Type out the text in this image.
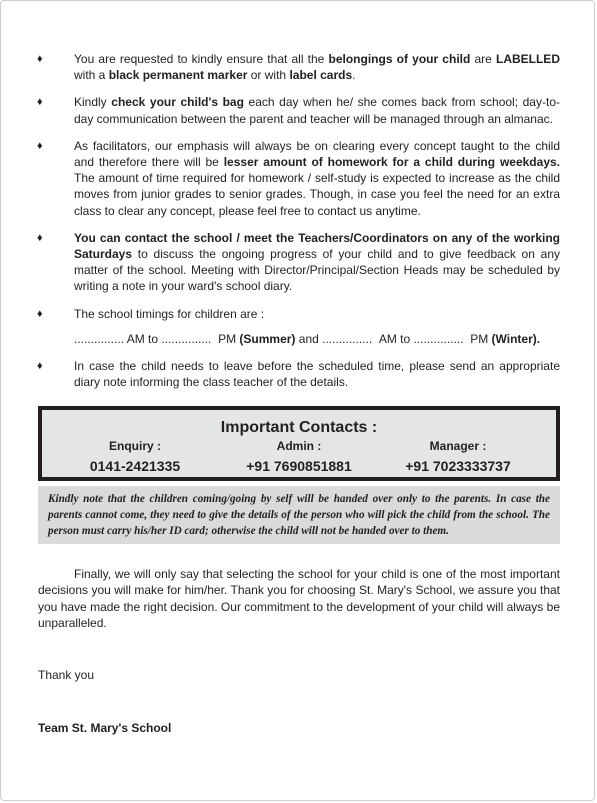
♦	You are requested to kindly ensure that all the belongings of your child are LABELLED with a black permanent marker or with label cards.
♦	Kindly check your child's bag each day when he/ she comes back from school; day-to-day communication between the parent and teacher will be managed through an almanac.
♦	As facilitators, our emphasis will always be on clearing every concept taught to the child and therefore there will be lesser amount of homework for a child during weekdays. The amount of time required for homework / self-study is expected to increase as the child moves from junior grades to senior grades. Though, in case you feel the need for an extra class to clear any concept, please feel free to contact us anytime.
♦	You can contact the school / meet the Teachers/Coordinators on any of the working Saturdays to discuss the ongoing progress of your child and to give feedback on any matter of the school. Meeting with Director/Principal/Section Heads may be scheduled by writing a note in your ward's school diary.
♦	The school timings for children are :
............... AM to ............... PM (Summer) and ............... AM to ............... PM (Winter).
♦	In case the child needs to leave before the scheduled time, please send an appropriate diary note informing the class teacher of the details.
Important Contacts :
Enquiry :
0141-2421335
Admin :
+91 7690851881
Manager :
+91 7023333737
Kindly note that the children coming/going by self will be handed over only to the parents. In case the parents cannot come, they need to give the details of the person who will pick the child from the school. The person must carry his/her ID card; otherwise the child will not be handed over to them.
Finally, we will only say that selecting the school for your child is one of the most important decisions you will make for him/her. Thank you for choosing St. Mary's School, we assure you that you have made the right decision. Our commitment to the development of your child will always be unparalleled.
Thank you
Team St. Mary's School
